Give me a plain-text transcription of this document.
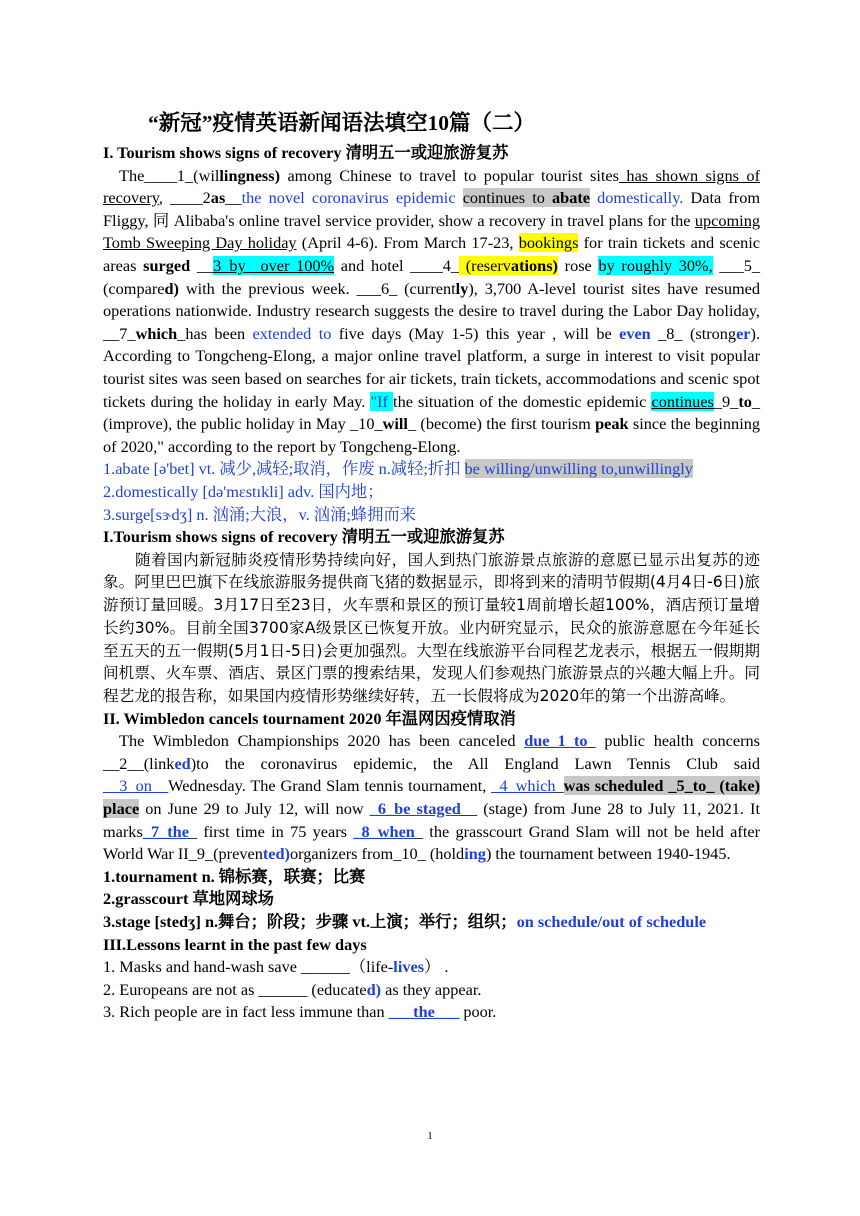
“新冠”疫情英语新闻语法填空10篇（二）

I. Tourism shows signs of recovery 清明五一或迎旅游复苏

The____1_(willingness) among Chinese to travel to popular tourist sites has shown signs of recovery, ____2as__the novel coronavirus epidemic continues to abate domestically. Data from Fliggy, 同 Alibaba's online travel service provider, show a recovery in travel plans for the upcoming Tomb Sweeping Day holiday (April 4-6). From March 17-23, bookings for train tickets and scenic areas surged __3_by_ over 100% and hotel ____4_ (reservations) rose by roughly 30%, ___5_ (compared) with the previous week. ___6_ (currently), 3,700 A-level tourist sites have resumed operations nationwide. Industry research suggests the desire to travel during the Labor Day holiday, __7_which_has been extended to five days (May 1-5) this year , will be even _8_ (stronger). According to Tongcheng-Elong, a major online travel platform, a surge in interest to visit popular tourist sites was seen based on searches for air tickets, train tickets, accommodations and scenic spot tickets during the holiday in early May. "If the situation of the domestic epidemic continues_9_to_ (improve), the public holiday in May _10_will_ (become) the first tourism peak since the beginning of 2020," according to the report by Tongcheng-Elong.

1.abate [ə'bet] vt. 减少,减轻;取消，作废 n.减轻;折扣 be willing/unwilling to,unwillingly

2.domestically [də'mɛstɪkli] adv. 国内地；

3.surge[sɝdʒ] n. 汹涌;大浪，v. 汹涌;蜂拥而来

I.Tourism shows signs of recovery 清明五一或迎旅游复苏

随着国内新冠肺炎疫情形势持续向好，国人到热门旅游景点旅游的意愿已显示出复苏的迹象。阿里巴巴旗下在线旅游服务提供商飞猪的数据显示，即将到来的清明节假期(4月4日-6日)旅游预订量回暖。3月17日至23日，火车票和景区的预订量较1周前增长超100%，酒店预订量增长约30%。目前全国3700家A级景区已恢复开放。业内研究显示，民众的旅游意愿在今年延长至五天的五一假期(5月1日-5日)会更加强烈。大型在线旅游平台同程艺龙表示，根据五一假期期间机票、火车票、酒店、景区门票的搜索结果，发现人们参观热门旅游景点的兴趣大幅上升。同程艺龙的报告称，如果国内疫情形势继续好转，五一长假将成为2020年的第一个出游高峰。

II. Wimbledon cancels tournament 2020 年温网因疫情取消

The Wimbledon Championships 2020 has been canceled due_1_to_ public health concerns __2__(linked)to the coronavirus epidemic, the All England Lawn Tennis Club said __3_on__Wednesday. The Grand Slam tennis tournament, _4_which_was scheduled _5_to_ (take) place on June 29 to July 12, will now _6_be staged__ (stage) from June 28 to July 11, 2021. It marks_7_the_ first time in 75 years _8_when_ the grasscourt Grand Slam will not be held after World War II_9_(prevented)organizers from_10_ (holding) the tournament between 1940-1945.

1.tournament n. 锦标赛，联赛；比赛

2.grasscourt 草地网球场

3.stage [stedʒ] n.舞台；阶段；步骤 vt.上演；举行；组织；on schedule/out of schedule

III.Lessons learnt in the past few days

1. Masks and hand-wash save ______（life-lives） .

2. Europeans are not as ______ (educated) as they appear.

3. Rich people are in fact less immune than ___the___ poor.

1
